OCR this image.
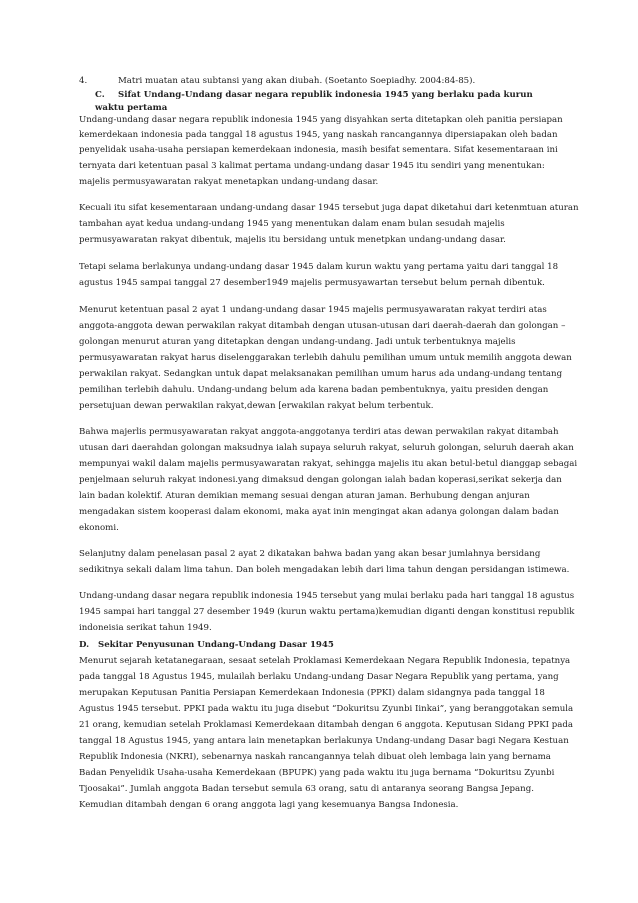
4.	Matri muatan atau subtansi yang akan diubah. (Soetanto Soepiadhy. 2004:84-85).
C. Sifat Undang-Undang dasar negara republik indonesia 1945 yang berlaku pada kurun
waktu pertama
Undang-undang dasar negara republik indonesia 1945 yang disyahkan serta ditetapkan oleh panitia persiapan
kemerdekaan indonesia pada tanggal 18 agustus 1945, yang naskah rancangannya dipersiapakan oleh badan
penyelidak usaha-usaha persiapan kemerdekaan indonesia, masih besifat sementara. Sifat kesementaraan ini
ternyata dari ketentuan pasal 3 kalimat pertama undang-undang dasar 1945 itu sendiri yang menentukan:
majelis permusyawaratan rakyat menetapkan undang-undang dasar.
Kecuali itu sifat kesementaraan undang-undang dasar 1945 tersebut juga dapat diketahui dari ketenmtuan aturan
tambahan ayat kedua undang-undang 1945 yang menentukan dalam enam bulan sesudah majelis
permusyawaratan rakyat dibentuk, majelis itu bersidang untuk menetpkan undang-undang dasar.
Tetapi selama berlakunya undang-undang dasar 1945 dalam kurun waktu yang pertama yaitu dari tanggal 18
agustus 1945 sampai tanggal 27 desember1949 majelis permusyawartan tersebut belum pernah dibentuk.
Menurut ketentuan pasal 2 ayat 1 undang-undang dasar 1945 majelis permusyawaratan rakyat terdiri atas
anggota-anggota dewan perwakilan rakyat ditambah dengan utusan-utusan dari daerah-daerah dan golongan –
golongan menurut aturan yang ditetapkan dengan undang-undang. Jadi untuk terbentuknya majelis
permusyawaratan rakyat harus diselenggarakan terlebih dahulu pemilihan umum untuk memilih anggota dewan
perwakilan rakyat. Sedangkan untuk dapat melaksanakan pemilihan umum harus ada undang-undang tentang
pemilihan terlebih dahulu. Undang-undang belum ada karena badan pembentuknya, yaitu presiden dengan
persetujuan dewan perwakilan rakyat,dewan [erwakilan rakyat belum terbentuk.
Bahwa majerlis permusyawaratan rakyat anggota-anggotanya terdiri atas dewan perwakilan rakyat ditambah
utusan dari daerahdan golongan maksudnya ialah supaya seluruh rakyat, seluruh golongan, seluruh daerah akan
mempunyai wakil dalam majelis permusyawaratan rakyat, sehingga majelis itu akan betul-betul dianggap sebagai
penjelmaan seluruh rakyat indonesi.yang dimaksud dengan golongan ialah badan koperasi,serikat sekerja dan
lain badan kolektif. Aturan demikian memang sesuai dengan aturan jaman. Berhubung dengan anjuran
mengadakan sistem kooperasi dalam ekonomi, maka ayat inin mengingat akan adanya golongan dalam badan
ekonomi.
Selanjutny dalam penelasan pasal 2 ayat 2 dikatakan bahwa badan yang akan besar jumlahnya bersidang
sedikitnya sekali dalam lima tahun. Dan boleh mengadakan lebih dari lima tahun dengan persidangan istimewa.
Undang-undang dasar negara republik indonesia 1945 tersebut yang mulai berlaku pada hari tanggal 18 agustus
1945 sampai hari tanggal 27 desember 1949 (kurun waktu pertama)kemudian diganti dengan konstitusi republik
indoneisia serikat tahun 1949.
D. Sekitar Penyusunan Undang-Undang Dasar 1945
Menurut sejarah ketatanegaraan, sesaat setelah Proklamasi Kemerdekaan Negara Republik Indonesia, tepatnya
pada tanggal 18 Agustus 1945, mulailah berlaku Undang-undang Dasar Negara Republik yang pertama, yang
merupakan Keputusan Panitia Persiapan Kemerdekaan Indonesia (PPKI) dalam sidangnya pada tanggal 18
Agustus 1945 tersebut. PPKI pada waktu itu juga disebut “Dokuritsu Zyunbi Iinkai”, yang beranggotakan semula
21 orang, kemudian setelah Proklamasi Kemerdekaan ditambah dengan 6 anggota. Keputusan Sidang PPKI pada
tanggal 18 Agustus 1945, yang antara lain menetapkan berlakunya Undang-undang Dasar bagi Negara Kestuan
Republik Indonesia (NKRI), sebenarnya naskah rancangannya telah dibuat oleh lembaga lain yang bernama
Badan Penyelidik Usaha-usaha Kemerdekaan (BPUPK) yang pada waktu itu juga bernama “Dokuritsu Zyunbi
Tjoosakai”. Jumlah anggota Badan tersebut semula 63 orang, satu di antaranya seorang Bangsa Jepang.
Kemudian ditambah dengan 6 orang anggota lagi yang kesemuanya Bangsa Indonesia.
